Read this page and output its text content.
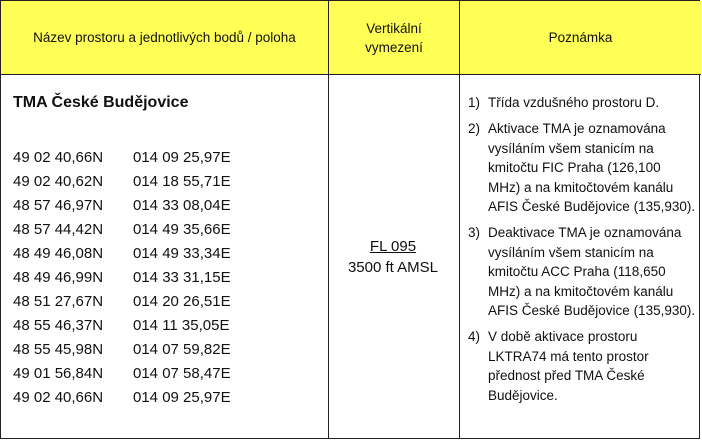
Název prostoru a jednotlivých bodů / poloha
Vertikální
vymezení
Poznámka
TMA České Budějovice
49 02 40,66N 014 09 25,97E
49 02 40,62N 014 18 55,71E
48 57 46,97N 014 33 08,04E
48 57 44,42N 014 49 35,66E
48 49 46,08N 014 49 33,34E
48 49 46,99N 014 33 31,15E
48 51 27,67N 014 20 26,51E
48 55 46,37N 014 11 35,05E
48 55 45,98N 014 07 59,82E
49 01 56,84N 014 07 58,47E
49 02 40,66N 014 09 25,97E
FL 095
3500 ft AMSL
1) Třída vzdušného prostoru D.
2) Aktivace TMA je oznamována vysíláním všem stanicím na kmitočtu FIC Praha (126,100 MHz) a na kmitočtovém kanálu AFIS České Budějovice (135,930).
3) Deaktivace TMA je oznamována vysíláním všem stanicím na kmitočtu ACC Praha (118,650 MHz) a na kmitočtovém kanálu AFIS České Budějovice (135,930).
4) V době aktivace prostoru LKTRA74 má tento prostor přednost před TMA České Budějovice.
